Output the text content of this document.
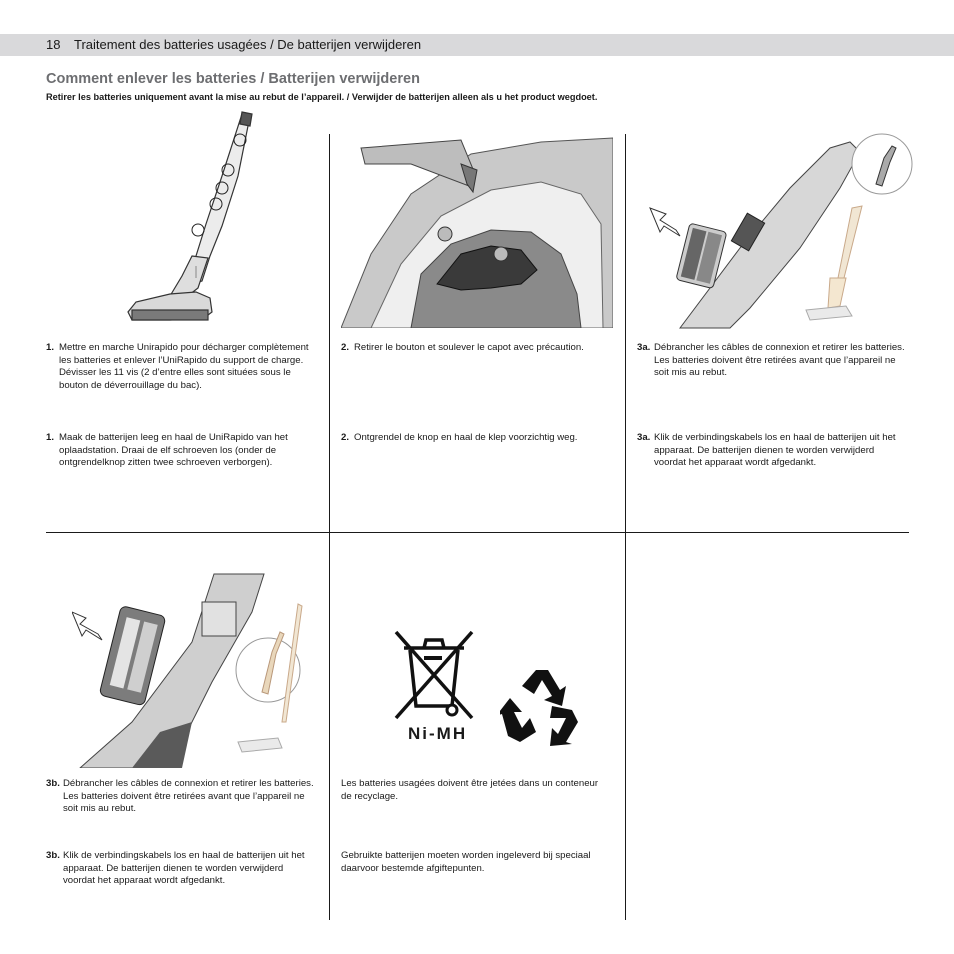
18 Traitement des batteries usagées / De batterijen verwijderen
Comment enlever les batteries / Batterijen verwijderen
Retirer les batteries uniquement avant la mise au rebut de l’appareil. / Verwijder de batterijen alleen als u het product wegdoet.
Ni-MH
1. Mettre en marche Unirapido pour décharger complètement les batteries et enlever l’UniRapido du support de charge. Dévisser les 11 vis (2 d’entre elles sont situées sous le bouton de déverrouillage du bac).
1. Maak de batterijen leeg en haal de UniRapido van het oplaadstation. Draai de elf schroeven los (onder de ontgrendelknop zitten twee schroeven verborgen).
2. Retirer le bouton et soulever le capot avec précaution.
2. Ontgrendel de knop en haal de klep voorzichtig weg.
3a. Débrancher les câbles de connexion et retirer les batteries. Les batteries doivent être retirées avant que l’appareil ne soit mis au rebut.
3a. Klik de verbindingskabels los en haal de batterijen uit het apparaat. De batterijen dienen te worden verwijderd voordat het apparaat wordt afgedankt.
3b. Débrancher les câbles de connexion et retirer les batteries. Les batteries doivent être retirées avant que l’appareil ne soit mis au rebut.
3b. Klik de verbindingskabels los en haal de batterijen uit het apparaat. De batterijen dienen te worden verwijderd voordat het apparaat wordt afgedankt.
Les batteries usagées doivent être jetées dans un conteneur de recyclage.
Gebruikte batterijen moeten worden ingeleverd bij speciaal daarvoor bestemde afgiftepunten.
